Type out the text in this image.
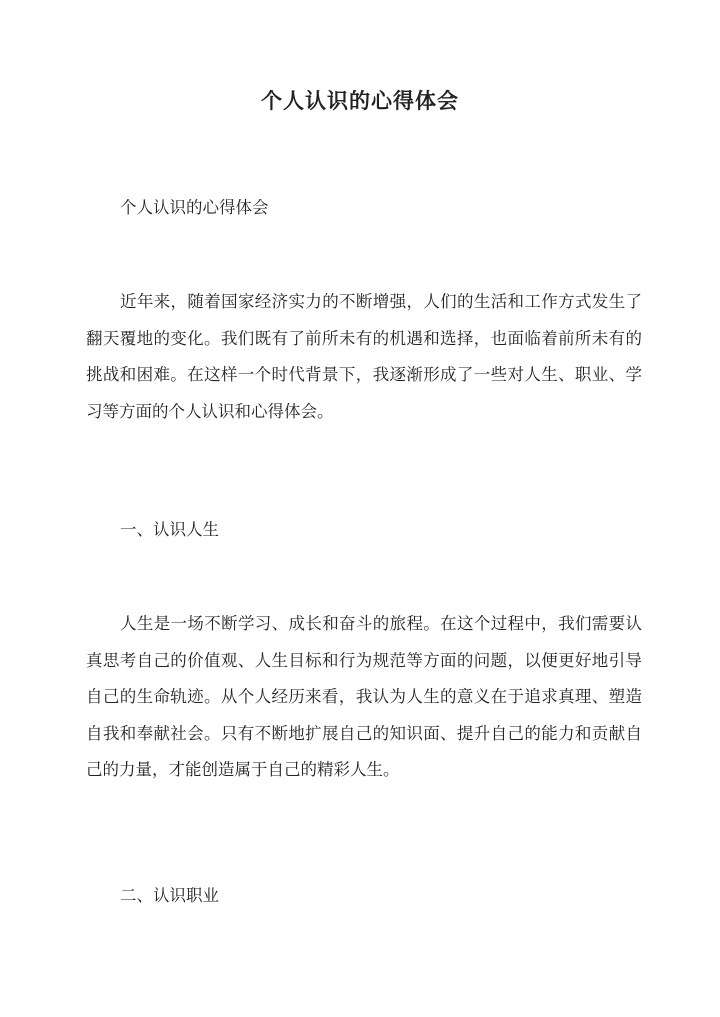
个人认识的心得体会
个人认识的心得体会
近年来，随着国家经济实力的不断增强，人们的生活和工作方式发生了翻天覆地的变化。我们既有了前所未有的机遇和选择，也面临着前所未有的挑战和困难。在这样一个时代背景下，我逐渐形成了一些对人生、职业、学习等方面的个人认识和心得体会。
一、认识人生
人生是一场不断学习、成长和奋斗的旅程。在这个过程中，我们需要认真思考自己的价值观、人生目标和行为规范等方面的问题，以便更好地引导自己的生命轨迹。从个人经历来看，我认为人生的意义在于追求真理、塑造自我和奉献社会。只有不断地扩展自己的知识面、提升自己的能力和贡献自己的力量，才能创造属于自己的精彩人生。
二、认识职业
